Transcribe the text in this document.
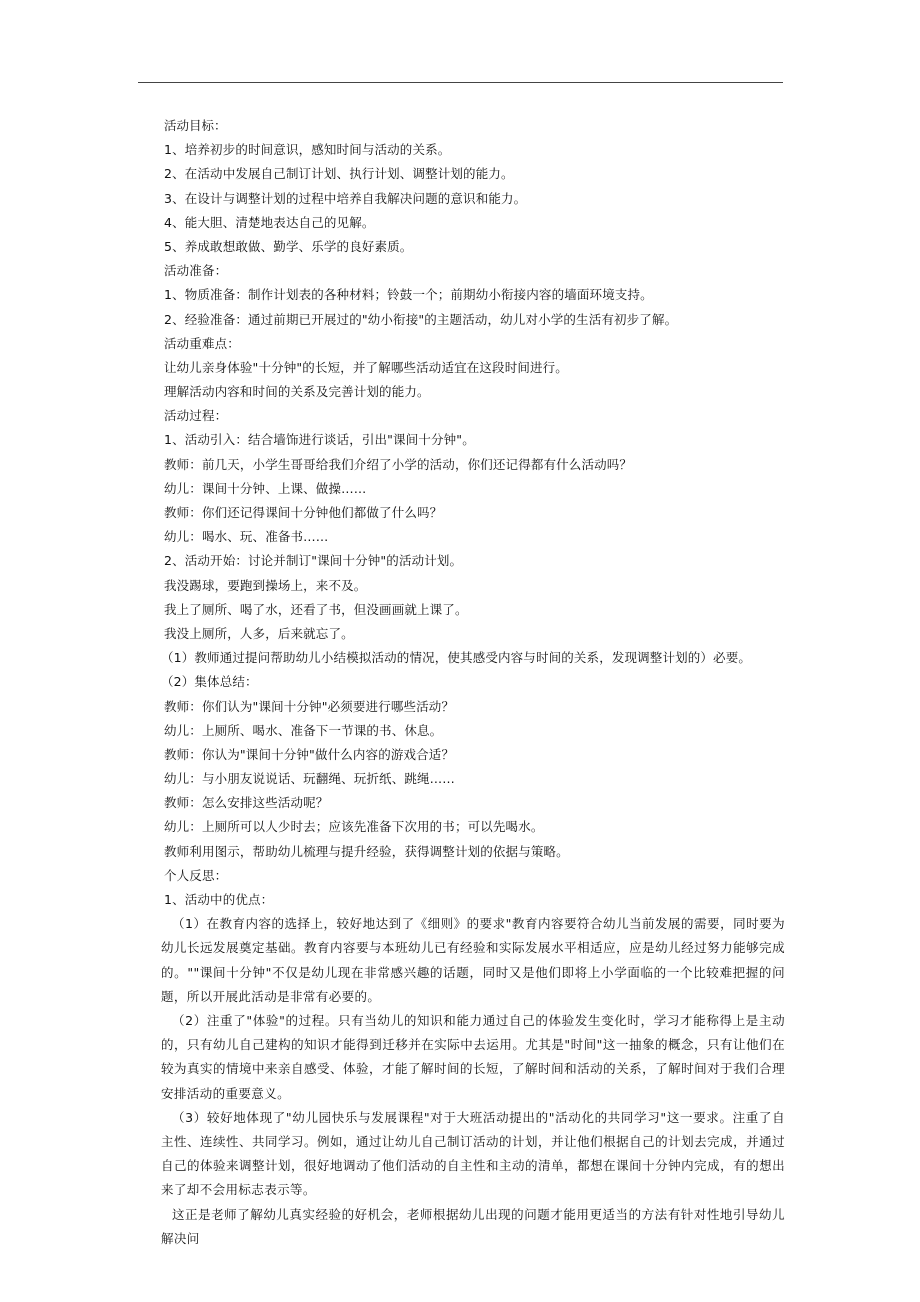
活动目标：
1、培养初步的时间意识，感知时间与活动的关系。
2、在活动中发展自己制订计划、执行计划、调整计划的能力。
3、在设计与调整计划的过程中培养自我解决问题的意识和能力。
4、能大胆、清楚地表达自己的见解。
5、养成敢想敢做、勤学、乐学的良好素质。
活动准备：
1、物质准备：制作计划表的各种材料；铃鼓一个；前期幼小衔接内容的墙面环境支持。
2、经验准备：通过前期已开展过的"幼小衔接"的主题活动，幼儿对小学的生活有初步了解。
活动重难点：
让幼儿亲身体验"十分钟"的长短，并了解哪些活动适宜在这段时间进行。
理解活动内容和时间的关系及完善计划的能力。
活动过程：
1、活动引入：结合墙饰进行谈话，引出"课间十分钟"。
教师：前几天，小学生哥哥给我们介绍了小学的活动，你们还记得都有什么活动吗？
幼儿：课间十分钟、上课、做操……
教师：你们还记得课间十分钟他们都做了什么吗？
幼儿：喝水、玩、准备书……
2、活动开始：讨论并制订"课间十分钟"的活动计划。
我没踢球，要跑到操场上，来不及。
我上了厕所、喝了水，还看了书，但没画画就上课了。
我没上厕所，人多，后来就忘了。
（1）教师通过提问帮助幼儿小结模拟活动的情况，使其感受内容与时间的关系，发现调整计划的）必要。
（2）集体总结：
教师：你们认为"课间十分钟"必须要进行哪些活动？
幼儿：上厕所、喝水、准备下一节课的书、休息。
教师：你认为"课间十分钟"做什么内容的游戏合适？
幼儿：与小朋友说说话、玩翻绳、玩折纸、跳绳……
教师：怎么安排这些活动呢？
幼儿：上厕所可以人少时去；应该先准备下次用的书；可以先喝水。
教师利用图示，帮助幼儿梳理与提升经验，获得调整计划的依据与策略。
个人反思：
1、活动中的优点：
（1）在教育内容的选择上，较好地达到了《细则》的要求"教育内容要符合幼儿当前发展的需要，同时要为幼儿长远发展奠定基础。教育内容要与本班幼儿已有经验和实际发展水平相适应，应是幼儿经过努力能够完成的。""课间十分钟"不仅是幼儿现在非常感兴趣的话题，同时又是他们即将上小学面临的一个比较难把握的问题，所以开展此活动是非常有必要的。
（2）注重了"体验"的过程。只有当幼儿的知识和能力通过自己的体验发生变化时，学习才能称得上是主动的，只有幼儿自己建构的知识才能得到迁移并在实际中去运用。尤其是"时间"这一抽象的概念，只有让他们在较为真实的情境中来亲自感受、体验，才能了解时间的长短，了解时间和活动的关系，了解时间对于我们合理安排活动的重要意义。
（3）较好地体现了"幼儿园快乐与发展课程"对于大班活动提出的"活动化的共同学习"这一要求。注重了自主性、连续性、共同学习。例如，通过让幼儿自己制订活动的计划，并让他们根据自己的计划去完成，并通过自己的体验来调整计划，很好地调动了他们活动的自主性和主动的清单，都想在课间十分钟内完成，有的想出来了却不会用标志表示等。
这正是老师了解幼儿真实经验的好机会，老师根据幼儿出现的问题才能用更适当的方法有针对性地引导幼儿解决问
